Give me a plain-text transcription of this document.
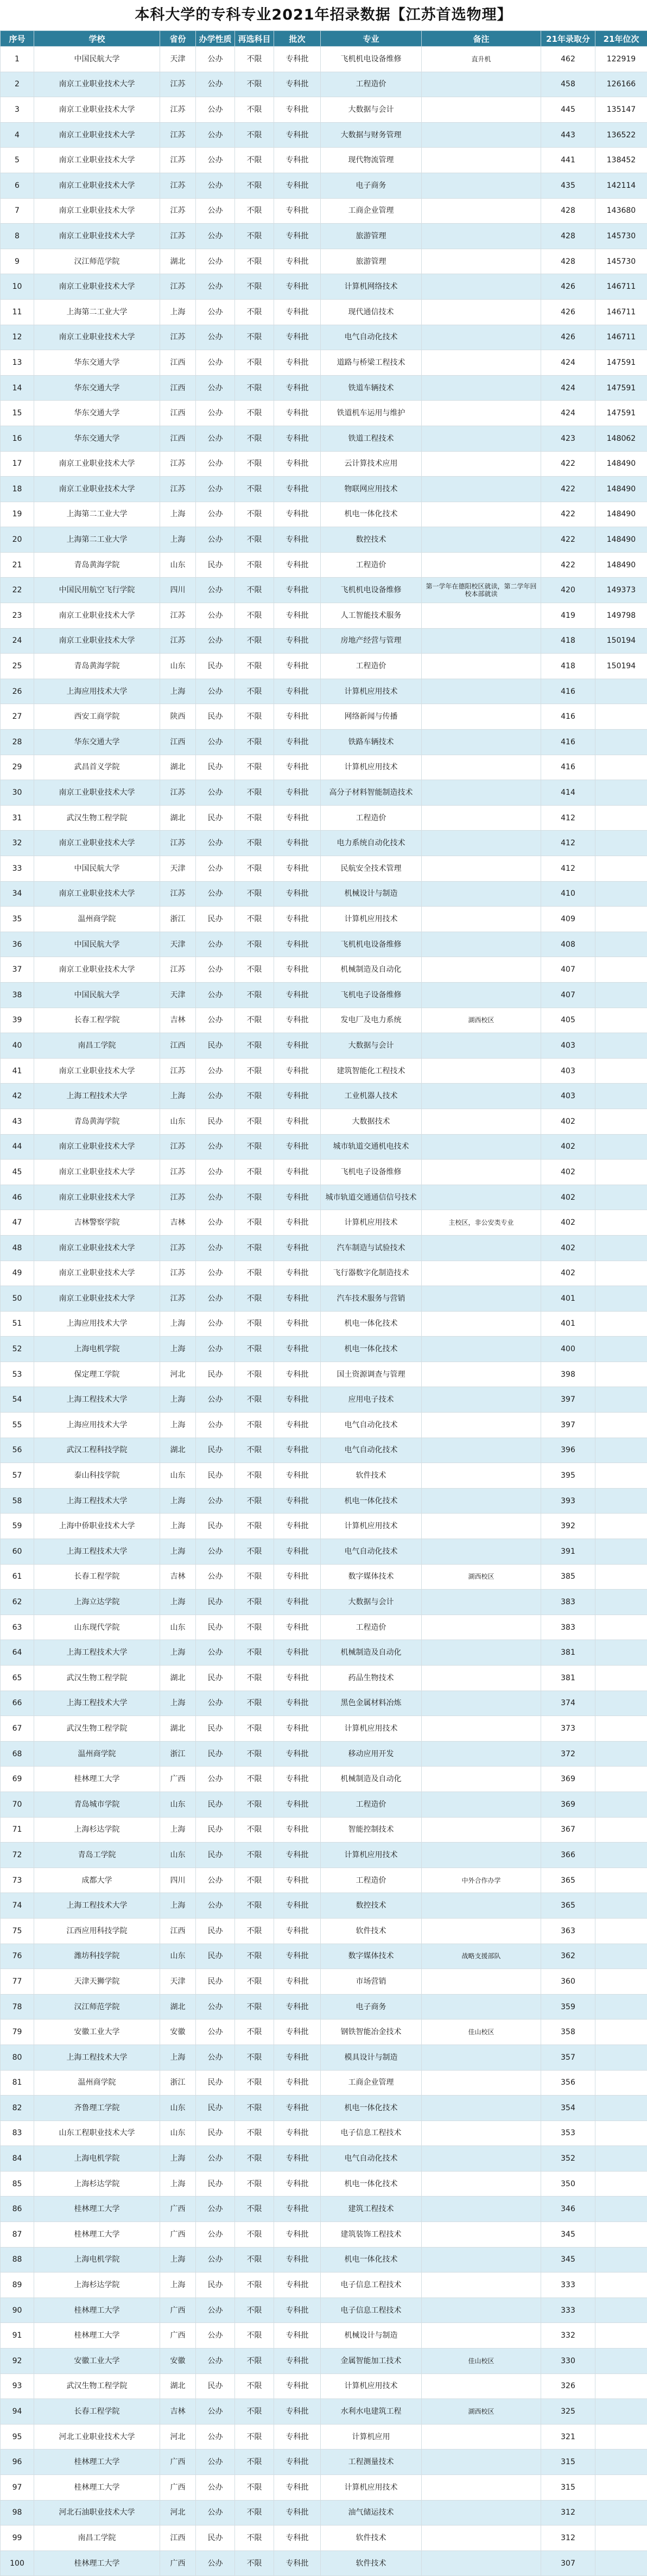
本科大学的专科专业2021年招录数据【江苏首选物理】
序号	学校	省份	办学性质	再选科目	批次	专业	备注	21年录取分	21年位次
1	中国民航大学	天津	公办	不限	专科批	飞机机电设备维修	直升机	462	122919
2	南京工业职业技术大学	江苏	公办	不限	专科批	工程造价		458	126166
3	南京工业职业技术大学	江苏	公办	不限	专科批	大数据与会计		445	135147
4	南京工业职业技术大学	江苏	公办	不限	专科批	大数据与财务管理		443	136522
5	南京工业职业技术大学	江苏	公办	不限	专科批	现代物流管理		441	138452
6	南京工业职业技术大学	江苏	公办	不限	专科批	电子商务		435	142114
7	南京工业职业技术大学	江苏	公办	不限	专科批	工商企业管理		428	143680
8	南京工业职业技术大学	江苏	公办	不限	专科批	旅游管理		428	145730
9	汉江师范学院	湖北	公办	不限	专科批	旅游管理		428	145730
10	南京工业职业技术大学	江苏	公办	不限	专科批	计算机网络技术		426	146711
11	上海第二工业大学	上海	公办	不限	专科批	现代通信技术		426	146711
12	南京工业职业技术大学	江苏	公办	不限	专科批	电气自动化技术		426	146711
13	华东交通大学	江西	公办	不限	专科批	道路与桥梁工程技术		424	147591
14	华东交通大学	江西	公办	不限	专科批	铁道车辆技术		424	147591
15	华东交通大学	江西	公办	不限	专科批	铁道机车运用与维护		424	147591
16	华东交通大学	江西	公办	不限	专科批	铁道工程技术		423	148062
17	南京工业职业技术大学	江苏	公办	不限	专科批	云计算技术应用		422	148490
18	南京工业职业技术大学	江苏	公办	不限	专科批	物联网应用技术		422	148490
19	上海第二工业大学	上海	公办	不限	专科批	机电一体化技术		422	148490
20	上海第二工业大学	上海	公办	不限	专科批	数控技术		422	148490
21	青岛黄海学院	山东	民办	不限	专科批	工程造价		422	148490
22	中国民用航空飞行学院	四川	公办	不限	专科批	飞机机电设备维修	第一学年在德阳校区就读，第二学年回校本部就读	420	149373
23	南京工业职业技术大学	江苏	公办	不限	专科批	人工智能技术服务		419	149798
24	南京工业职业技术大学	江苏	公办	不限	专科批	房地产经营与管理		418	150194
25	青岛黄海学院	山东	民办	不限	专科批	工程造价		418	150194
26	上海应用技术大学	上海	公办	不限	专科批	计算机应用技术		416	
27	西安工商学院	陕西	民办	不限	专科批	网络新闻与传播		416	
28	华东交通大学	江西	公办	不限	专科批	铁路车辆技术		416	
29	武昌首义学院	湖北	民办	不限	专科批	计算机应用技术		416	
30	南京工业职业技术大学	江苏	公办	不限	专科批	高分子材料智能制造技术		414	
31	武汉生物工程学院	湖北	民办	不限	专科批	工程造价		412	
32	南京工业职业技术大学	江苏	公办	不限	专科批	电力系统自动化技术		412	
33	中国民航大学	天津	公办	不限	专科批	民航安全技术管理		412	
34	南京工业职业技术大学	江苏	公办	不限	专科批	机械设计与制造		410	
35	温州商学院	浙江	民办	不限	专科批	计算机应用技术		409	
36	中国民航大学	天津	公办	不限	专科批	飞机机电设备维修		408	
37	南京工业职业技术大学	江苏	公办	不限	专科批	机械制造及自动化		407	
38	中国民航大学	天津	公办	不限	专科批	飞机电子设备维修		407	
39	长春工程学院	吉林	公办	不限	专科批	发电厂及电力系统	湖西校区	405	
40	南昌工学院	江西	民办	不限	专科批	大数据与会计		403	
41	南京工业职业技术大学	江苏	公办	不限	专科批	建筑智能化工程技术		403	
42	上海工程技术大学	上海	公办	不限	专科批	工业机器人技术		403	
43	青岛黄海学院	山东	民办	不限	专科批	大数据技术		402	
44	南京工业职业技术大学	江苏	公办	不限	专科批	城市轨道交通机电技术		402	
45	南京工业职业技术大学	江苏	公办	不限	专科批	飞机电子设备维修		402	
46	南京工业职业技术大学	江苏	公办	不限	专科批	城市轨道交通通信信号技术		402	
47	吉林警察学院	吉林	公办	不限	专科批	计算机应用技术	主校区，非公安类专业	402	
48	南京工业职业技术大学	江苏	公办	不限	专科批	汽车制造与试验技术		402	
49	南京工业职业技术大学	江苏	公办	不限	专科批	飞行器数字化制造技术		402	
50	南京工业职业技术大学	江苏	公办	不限	专科批	汽车技术服务与营销		401	
51	上海应用技术大学	上海	公办	不限	专科批	机电一体化技术		401	
52	上海电机学院	上海	公办	不限	专科批	机电一体化技术		400	
53	保定理工学院	河北	民办	不限	专科批	国土资源调查与管理		398	
54	上海工程技术大学	上海	公办	不限	专科批	应用电子技术		397	
55	上海应用技术大学	上海	公办	不限	专科批	电气自动化技术		397	
56	武汉工程科技学院	湖北	民办	不限	专科批	电气自动化技术		396	
57	泰山科技学院	山东	民办	不限	专科批	软件技术		395	
58	上海工程技术大学	上海	公办	不限	专科批	机电一体化技术		393	
59	上海中侨职业技术大学	上海	民办	不限	专科批	计算机应用技术		392	
60	上海工程技术大学	上海	公办	不限	专科批	电气自动化技术		391	
61	长春工程学院	吉林	公办	不限	专科批	数字媒体技术	湖西校区	385	
62	上海立达学院	上海	民办	不限	专科批	大数据与会计		383	
63	山东现代学院	山东	民办	不限	专科批	工程造价		383	
64	上海工程技术大学	上海	公办	不限	专科批	机械制造及自动化		381	
65	武汉生物工程学院	湖北	民办	不限	专科批	药品生物技术		381	
66	上海工程技术大学	上海	公办	不限	专科批	黑色金属材料冶炼		374	
67	武汉生物工程学院	湖北	民办	不限	专科批	计算机应用技术		373	
68	温州商学院	浙江	民办	不限	专科批	移动应用开发		372	
69	桂林理工大学	广西	公办	不限	专科批	机械制造及自动化		369	
70	青岛城市学院	山东	民办	不限	专科批	工程造价		369	
71	上海杉达学院	上海	民办	不限	专科批	智能控制技术		367	
72	青岛工学院	山东	民办	不限	专科批	计算机应用技术		366	
73	成都大学	四川	公办	不限	专科批	工程造价	中外合作办学	365	
74	上海工程技术大学	上海	公办	不限	专科批	数控技术		365	
75	江西应用科技学院	江西	民办	不限	专科批	软件技术		363	
76	潍坊科技学院	山东	民办	不限	专科批	数字媒体技术	战略支援部队	362	
77	天津天狮学院	天津	民办	不限	专科批	市场营销		360	
78	汉江师范学院	湖北	公办	不限	专科批	电子商务		359	
79	安徽工业大学	安徽	公办	不限	专科批	钢铁智能冶金技术	佳山校区	358	
80	上海工程技术大学	上海	公办	不限	专科批	模具设计与制造		357	
81	温州商学院	浙江	民办	不限	专科批	工商企业管理		356	
82	齐鲁理工学院	山东	民办	不限	专科批	机电一体化技术		354	
83	山东工程职业技术大学	山东	民办	不限	专科批	电子信息工程技术		353	
84	上海电机学院	上海	公办	不限	专科批	电气自动化技术		352	
85	上海杉达学院	上海	民办	不限	专科批	机电一体化技术		350	
86	桂林理工大学	广西	公办	不限	专科批	建筑工程技术		346	
87	桂林理工大学	广西	公办	不限	专科批	建筑装饰工程技术		345	
88	上海电机学院	上海	公办	不限	专科批	机电一体化技术		345	
89	上海杉达学院	上海	民办	不限	专科批	电子信息工程技术		333	
90	桂林理工大学	广西	公办	不限	专科批	电子信息工程技术		333	
91	桂林理工大学	广西	公办	不限	专科批	机械设计与制造		332	
92	安徽工业大学	安徽	公办	不限	专科批	金属智能加工技术	佳山校区	330	
93	武汉生物工程学院	湖北	民办	不限	专科批	计算机应用技术		326	
94	长春工程学院	吉林	公办	不限	专科批	水利水电建筑工程	湖西校区	325	
95	河北工业职业技术大学	河北	公办	不限	专科批	计算机应用		321	
96	桂林理工大学	广西	公办	不限	专科批	工程测量技术		315	
97	桂林理工大学	广西	公办	不限	专科批	计算机应用技术		315	
98	河北石油职业技术大学	河北	公办	不限	专科批	油气储运技术		312	
99	南昌工学院	江西	民办	不限	专科批	软件技术		312	
100	桂林理工大学	广西	公办	不限	专科批	软件技术		307	
